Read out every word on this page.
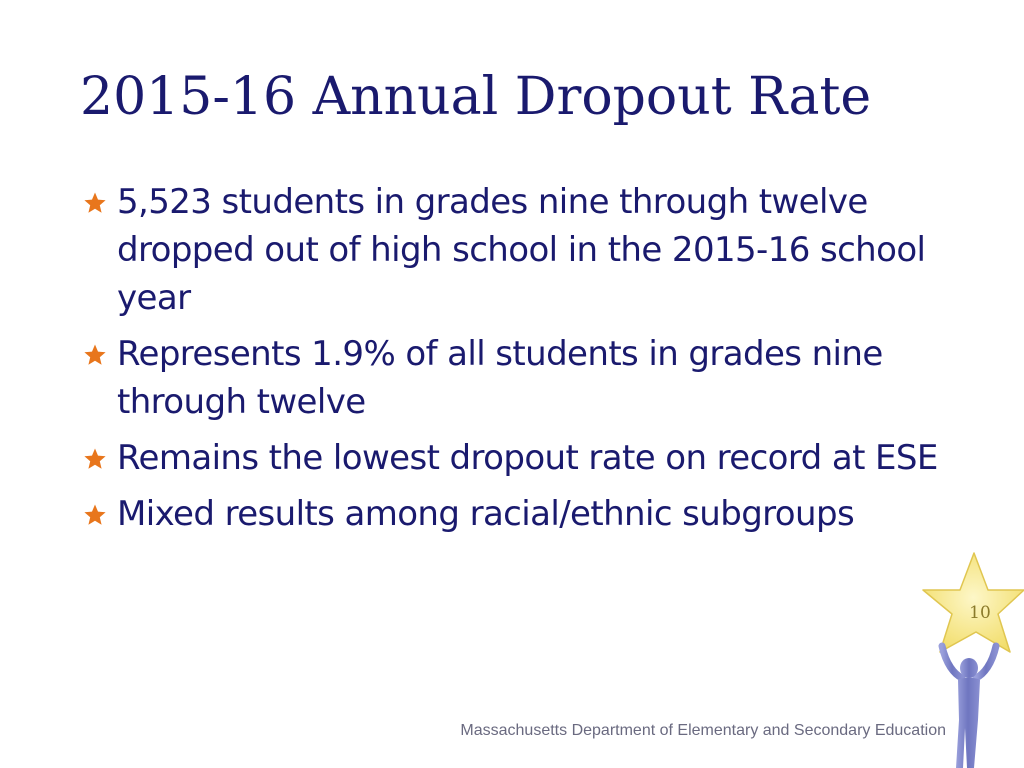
2015-16 Annual Dropout Rate
5,523 students in grades nine through twelve dropped out of high school in the 2015-16 school year
Represents 1.9% of all students in grades nine through twelve
Remains the lowest dropout rate on record at ESE
Mixed results among racial/ethnic subgroups
10
Massachusetts Department of Elementary and Secondary Education
